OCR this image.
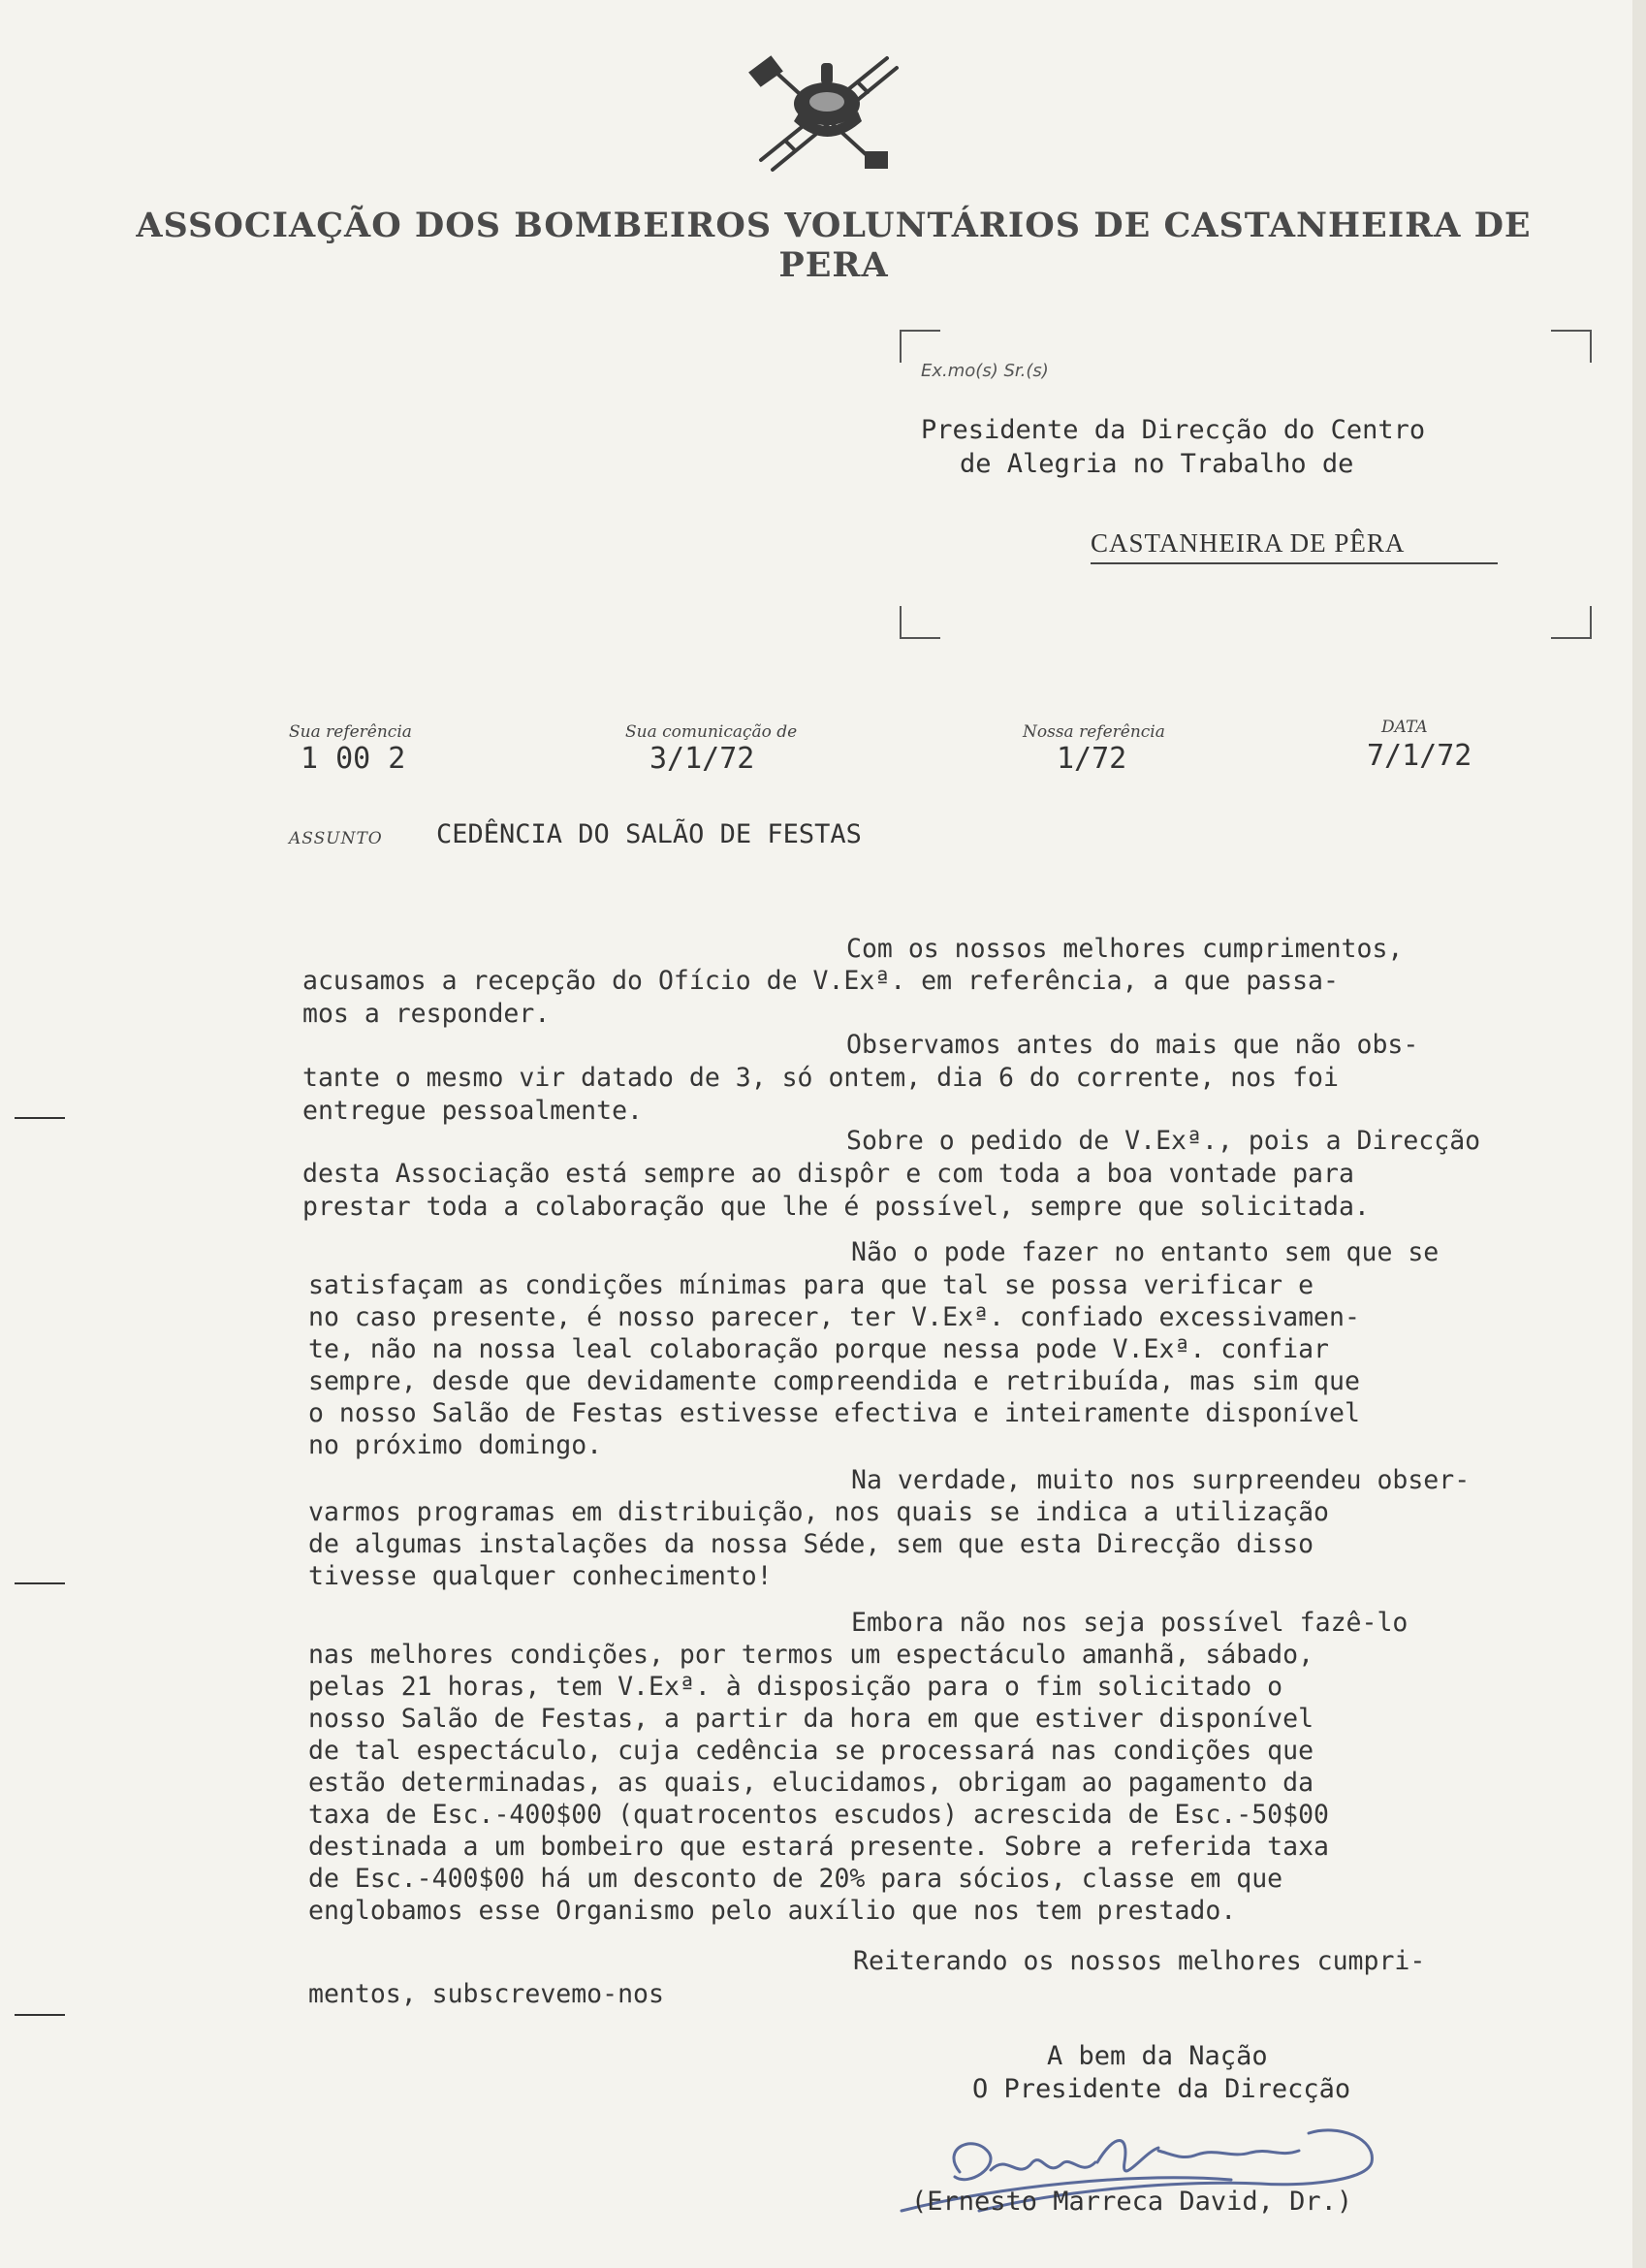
ASSOCIAÇÃO DOS BOMBEIROS VOLUNTÁRIOS DE CASTANHEIRA DE PERA
Ex.mo(s) Sr.(s)
Presidente da Direcção do Centro
de Alegria no Trabalho de
CASTANHEIRA DE PÊRA
Sua referência
1 00 2
Sua comunicação de
3/1/72
Nossa referência
1/72
DATA
7/1/72
ASSUNTO CEDÊNCIA DO SALÃO DE FESTAS
Com os nossos melhores cumprimentos,
acusamos a recepção do Ofício de V.Exª. em referência, a que passa-
mos a responder.
Observamos antes do mais que não obs-
tante o mesmo vir datado de 3, só ontem, dia 6 do corrente, nos foi
entregue pessoalmente.
Sobre o pedido de V.Exª., pois a Direcção
desta Associação está sempre ao dispôr e com toda a boa vontade para
prestar toda a colaboração que lhe é possível, sempre que solicitada.
Não o pode fazer no entanto sem que se
satisfaçam as condições mínimas para que tal se possa verificar e
no caso presente, é nosso parecer, ter V.Exª. confiado excessivamen-
te, não na nossa leal colaboração porque nessa pode V.Exª. confiar
sempre, desde que devidamente compreendida e retribuída, mas sim que
o nosso Salão de Festas estivesse efectiva e inteiramente disponível
no próximo domingo.
Na verdade, muito nos surpreendeu obser-
varmos programas em distribuição, nos quais se indica a utilização
de algumas instalações da nossa Séde, sem que esta Direcção disso
tivesse qualquer conhecimento!
Embora não nos seja possível fazê-lo
nas melhores condições, por termos um espectáculo amanhã, sábado,
pelas 21 horas, tem V.Exª. à disposição para o fim solicitado o
nosso Salão de Festas, a partir da hora em que estiver disponível
de tal espectáculo, cuja cedência se processará nas condições que
estão determinadas, as quais, elucidamos, obrigam ao pagamento da
taxa de Esc.-400$00 (quatrocentos escudos) acrescida de Esc.-50$00
destinada a um bombeiro que estará presente. Sobre a referida taxa
de Esc.-400$00 há um desconto de 20% para sócios, classe em que
englobamos esse Organismo pelo auxílio que nos tem prestado.
Reiterando os nossos melhores cumpri-
mentos, subscrevemo-nos
A bem da Nação
O Presidente da Direcção
(Ernesto Marreca David, Dr.)
